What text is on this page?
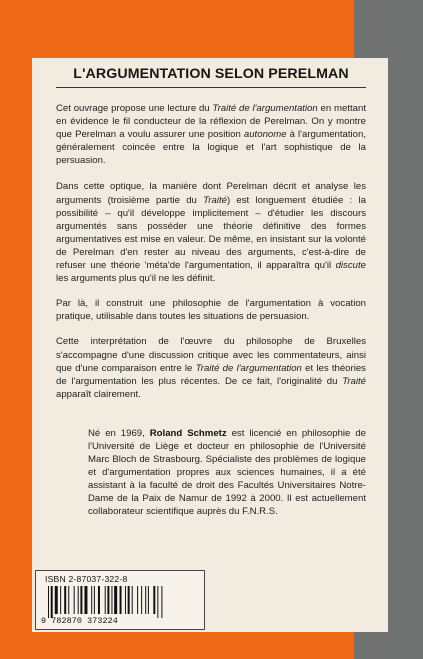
L'ARGUMENTATION SELON PERELMAN

Cet ouvrage propose une lecture du Traité de l'argumentation en mettant en évidence le fil conducteur de la réflexion de Perelman. On y montre que Perelman a voulu assurer une position autonome à l'argumentation, généralement coincée entre la logique et l'art sophistique de la persuasion.

Dans cette optique, la manière dont Perelman décrit et analyse les arguments (troisième partie du Traité) est longuement étudiée : la possibilité – qu'il développe implicitement – d'étudier les discours argumentés sans posséder une théorie définitive des formes argumentatives est mise en valeur. De même, en insistant sur la volonté de Perelman d'en rester au niveau des arguments, c'est-à-dire de refuser une théorie 'méta'de l'argumentation, il apparaîtra qu'il discute les arguments plus qu'il ne les définit.

Par là, il construit une philosophie de l'argumentation à vocation pratique, utilisable dans toutes les situations de persuasion.

Cette interprétation de l'œuvre du philosophe de Bruxelles s'accompagne d'une discussion critique avec les commentateurs, ainsi que d'une comparaison entre le Traité de l'argumentation et les théories de l'argumentation les plus récentes. De ce fait, l'originalité du Traité apparaît clairement.

Né en 1969, Roland Schmetz est licencié en philosophie de l'Université de Liège et docteur en philosophie de l'Université Marc Bloch de Strasbourg. Spécialiste des problèmes de logique et d'argumentation propres aux sciences humaines, il a été assistant à la faculté de droit des Facultés Universitaires Notre-Dame de la Paix de Namur de 1992 à 2000. Il est actuellement collaborateur scientifique auprès du F.N.R.S.

ISBN 2-87037-322-8
9 782870 373224
